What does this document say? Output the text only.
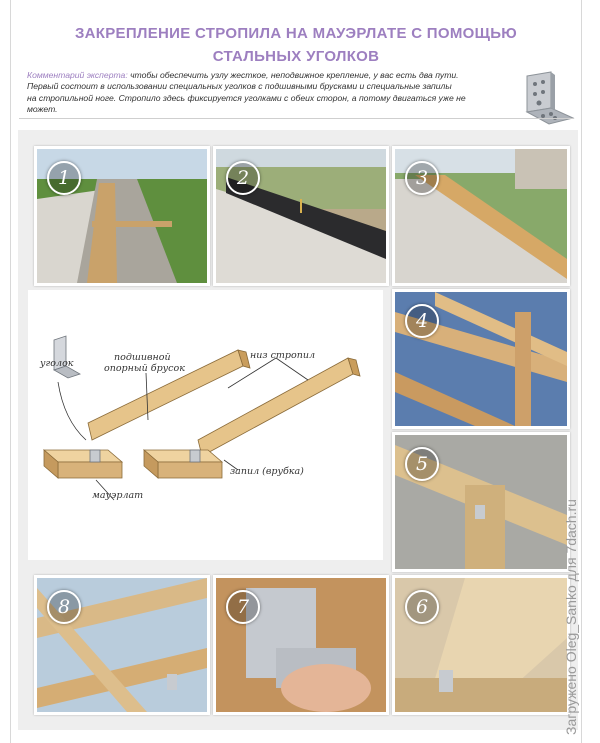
ЗАКРЕПЛЕНИЕ СТРОПИЛА НА МАУЭРЛАТЕ С ПОМОЩЬЮ
СТАЛЬНЫХ УГОЛКОВ
Комментарий эксперта: чтобы обеспечить узлу жесткое, неподвижное крепление, у вас есть два пути.
Первый состоит в использовании специальных уголков с подшивными брусками и специальные запилы
на стропильной ноге. Стропило здесь фиксируется уголками с обеих сторон, а потому двигаться уже не
может.
1	2	3
4
5
6
7
8
уголок
подшивной
опорный брусок
низ стропил
запил (врубка)
мауэрлат
Загружено Oleg_Sanko для 7dach.ru
